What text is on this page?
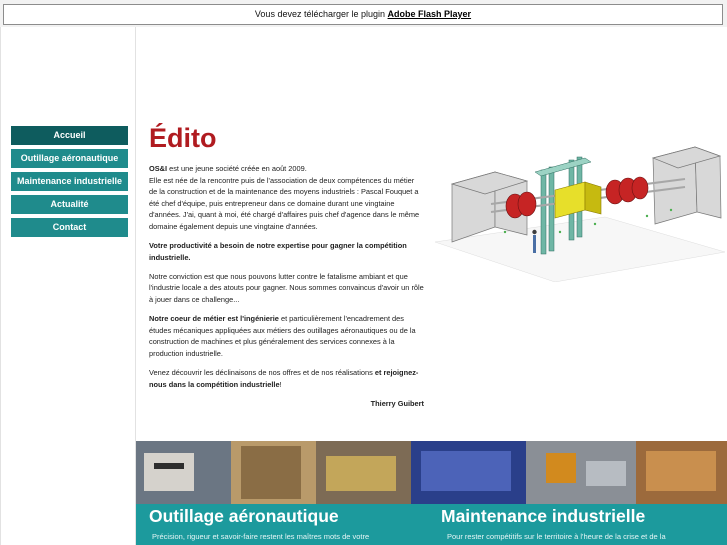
Vous devez télécharger le plugin Adobe Flash Player
Accueil
Outillage aéronautique
Maintenance industrielle
Actualité
Contact
Édito

OS&I est une jeune société créée en août 2009.
Elle est née de la rencontre puis de l'association de deux compétences du métier de la construction et de la maintenance des moyens industriels : Pascal Fouquet a été chef d'équipe, puis entrepreneur dans ce domaine durant une vingtaine d'années. J'ai, quant à moi, été chargé d'affaires puis chef d'agence dans le même domaine également depuis une vingtaine d'années.

Votre productivité a besoin de notre expertise pour gagner la compétition industrielle.

Notre conviction est que nous pouvons lutter contre le fatalisme ambiant et que l'industrie locale a des atouts pour gagner. Nous sommes convaincus d'avoir un rôle à jouer dans ce challenge...

Notre coeur de métier est l'ingénierie et particulièrement l'encadrement des études mécaniques appliquées aux métiers des outillages aéronautiques ou de la construction de machines et plus généralement des services connexes à la production industrielle.

Venez découvrir les déclinaisons de nos offres et de nos réalisations et rejoignez-nous dans la compétition industrielle!

Thierry Guibert

Outillage aéronautique
Précision, rigueur et savoir-faire restent les maîtres mots de votre
Maintenance industrielle
Pour rester compétitifs sur le territoire à l'heure de la crise et de la
